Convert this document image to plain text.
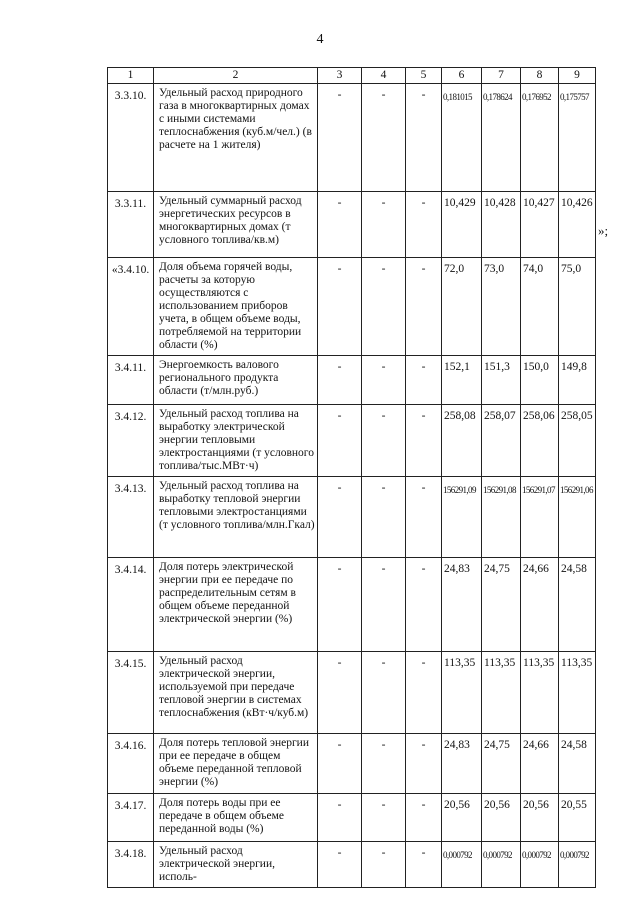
4
1	2	3	4	5	6	7	8	9
3.3.10.	Удельный расход природного газа в многоквартирных домах с иными системами теплоснабжения (куб.м/чел.) (в расчете на 1 жителя)	-	-	-	0,181015	0,178624	0,176952	0,175757
3.3.11.	Удельный суммарный расход энергетических ресурсов в многоквартирных домах (т условного топлива/кв.м)	-	-	-	10,429	10,428	10,427	10,426
«3.4.10.	Доля объема горячей воды, расчеты за которую осуществляются с использованием приборов учета, в общем объеме воды, потребляемой на территории области (%)	-	-	-	72,0	73,0	74,0	75,0
3.4.11.	Энергоемкость валового регионального продукта области (т/млн.руб.)	-	-	-	152,1	151,3	150,0	149,8
3.4.12.	Удельный расход топлива на выработку электрической энергии тепловыми электростанциями (т условного топлива/тыс.МВт·ч)	-	-	-	258,08	258,07	258,06	258,05
3.4.13.	Удельный расход топлива на выработку тепловой энергии тепловыми электростанциями (т условного топлива/млн.Гкал)	-	-	-	156291,09	156291,08	156291,07	156291,06
3.4.14.	Доля потерь электрической энергии при ее передаче по распределительным сетям в общем объеме переданной электрической энергии (%)	-	-	-	24,83	24,75	24,66	24,58
3.4.15.	Удельный расход электрической энергии, используемой при передаче тепловой энергии в системах теплоснабжения (кВт·ч/куб.м)	-	-	-	113,35	113,35	113,35	113,35
3.4.16.	Доля потерь тепловой энергии при ее передаче в общем объеме переданной тепловой энергии (%)	-	-	-	24,83	24,75	24,66	24,58
3.4.17.	Доля потерь воды при ее передаче в общем объеме переданной воды (%)	-	-	-	20,56	20,56	20,56	20,55
3.4.18.	Удельный расход электрической энергии, исполь-	-	-	-	0,000792	0,000792	0,000792	0,000792
»;
